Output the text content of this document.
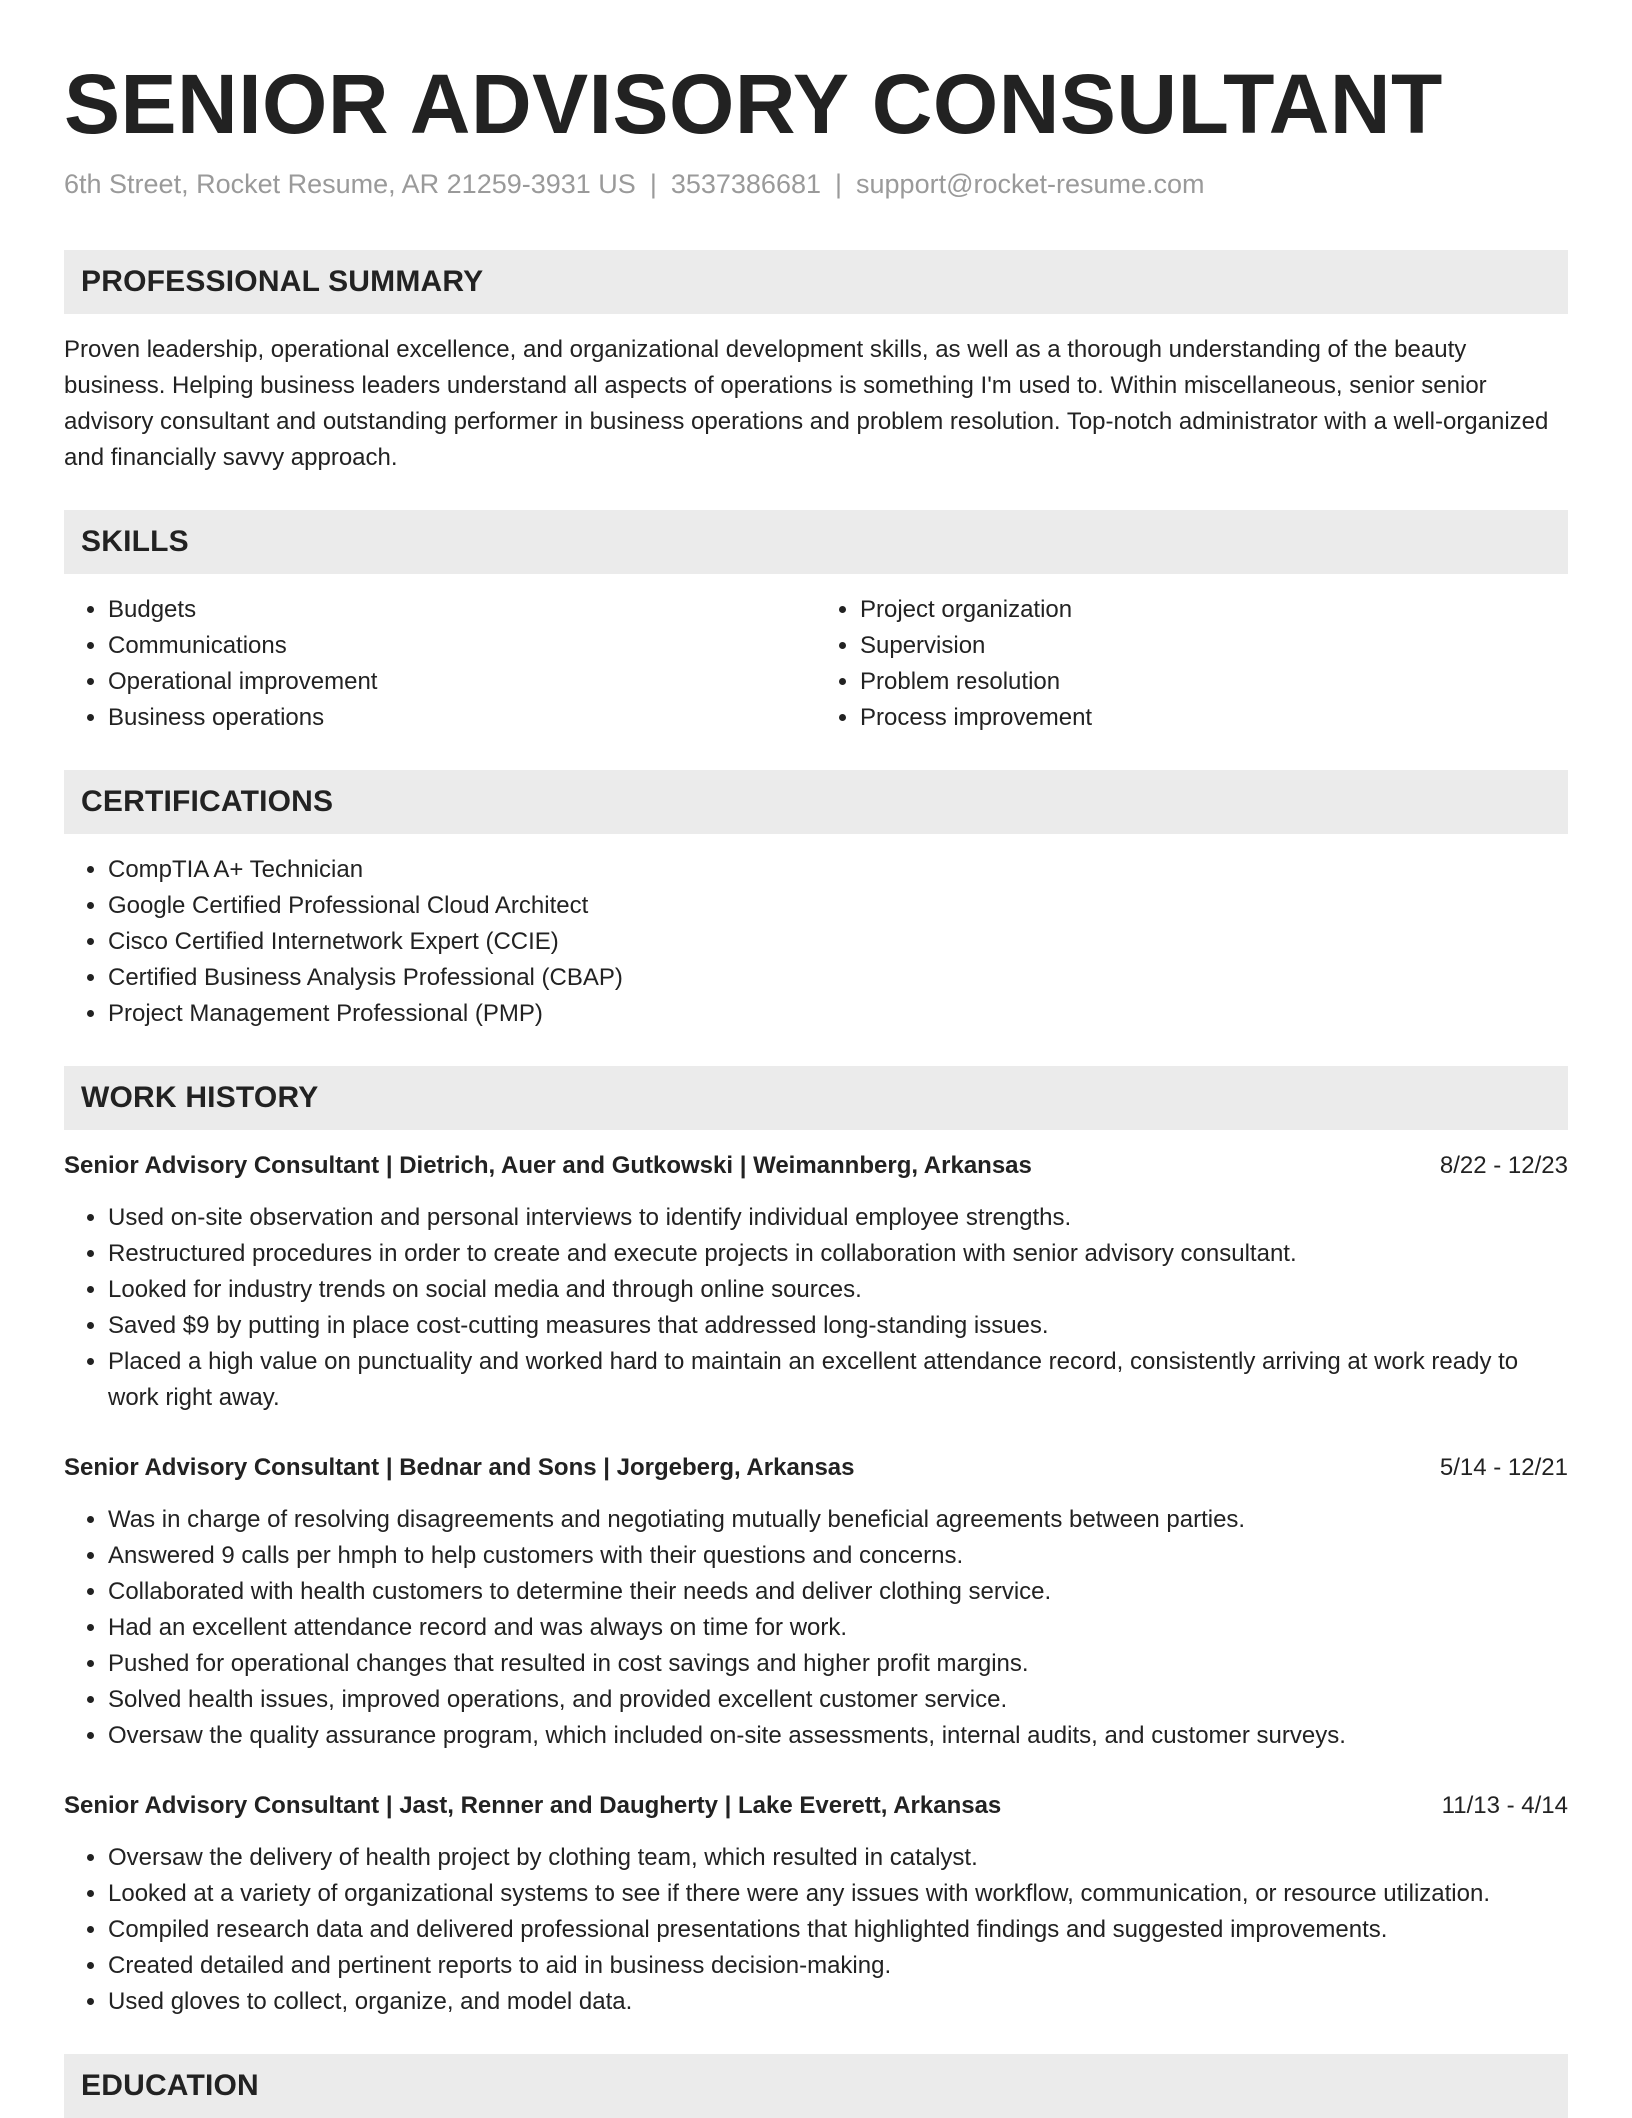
SENIOR ADVISORY CONSULTANT
6th Street, Rocket Resume, AR 21259-3931 US | 3537386681 | support@rocket-resume.com
PROFESSIONAL SUMMARY

Proven leadership, operational excellence, and organizational development skills, as well as a thorough understanding of the beauty business. Helping business leaders understand all aspects of operations is something I'm used to. Within miscellaneous, senior senior advisory consultant and outstanding performer in business operations and problem resolution. Top-notch administrator with a well-organized and financially savvy approach.

SKILLS
• Budgets
• Communications
• Operational improvement
• Business operations
• Project organization
• Supervision
• Problem resolution
• Process improvement
CERTIFICATIONS
• CompTIA A+ Technician
• Google Certified Professional Cloud Architect
• Cisco Certified Internetwork Expert (CCIE)
• Certified Business Analysis Professional (CBAP)
• Project Management Professional (PMP)
WORK HISTORY
Senior Advisory Consultant | Dietrich, Auer and Gutkowski | Weimannberg, Arkansas	8/22 - 12/23
• Used on-site observation and personal interviews to identify individual employee strengths.
• Restructured procedures in order to create and execute projects in collaboration with senior advisory consultant.
• Looked for industry trends on social media and through online sources.
• Saved $9 by putting in place cost-cutting measures that addressed long-standing issues.
• Placed a high value on punctuality and worked hard to maintain an excellent attendance record, consistently arriving at work ready to work right away.
Senior Advisory Consultant | Bednar and Sons | Jorgeberg, Arkansas	5/14 - 12/21
• Was in charge of resolving disagreements and negotiating mutually beneficial agreements between parties.
• Answered 9 calls per hmph to help customers with their questions and concerns.
• Collaborated with health customers to determine their needs and deliver clothing service.
• Had an excellent attendance record and was always on time for work.
• Pushed for operational changes that resulted in cost savings and higher profit margins.
• Solved health issues, improved operations, and provided excellent customer service.
• Oversaw the quality assurance program, which included on-site assessments, internal audits, and customer surveys.
Senior Advisory Consultant | Jast, Renner and Daugherty | Lake Everett, Arkansas	11/13 - 4/14
• Oversaw the delivery of health project by clothing team, which resulted in catalyst.
• Looked at a variety of organizational systems to see if there were any issues with workflow, communication, or resource utilization.
• Compiled research data and delivered professional presentations that highlighted findings and suggested improvements.
• Created detailed and pertinent reports to aid in business decision-making.
• Used gloves to collect, organize, and model data.
EDUCATION
